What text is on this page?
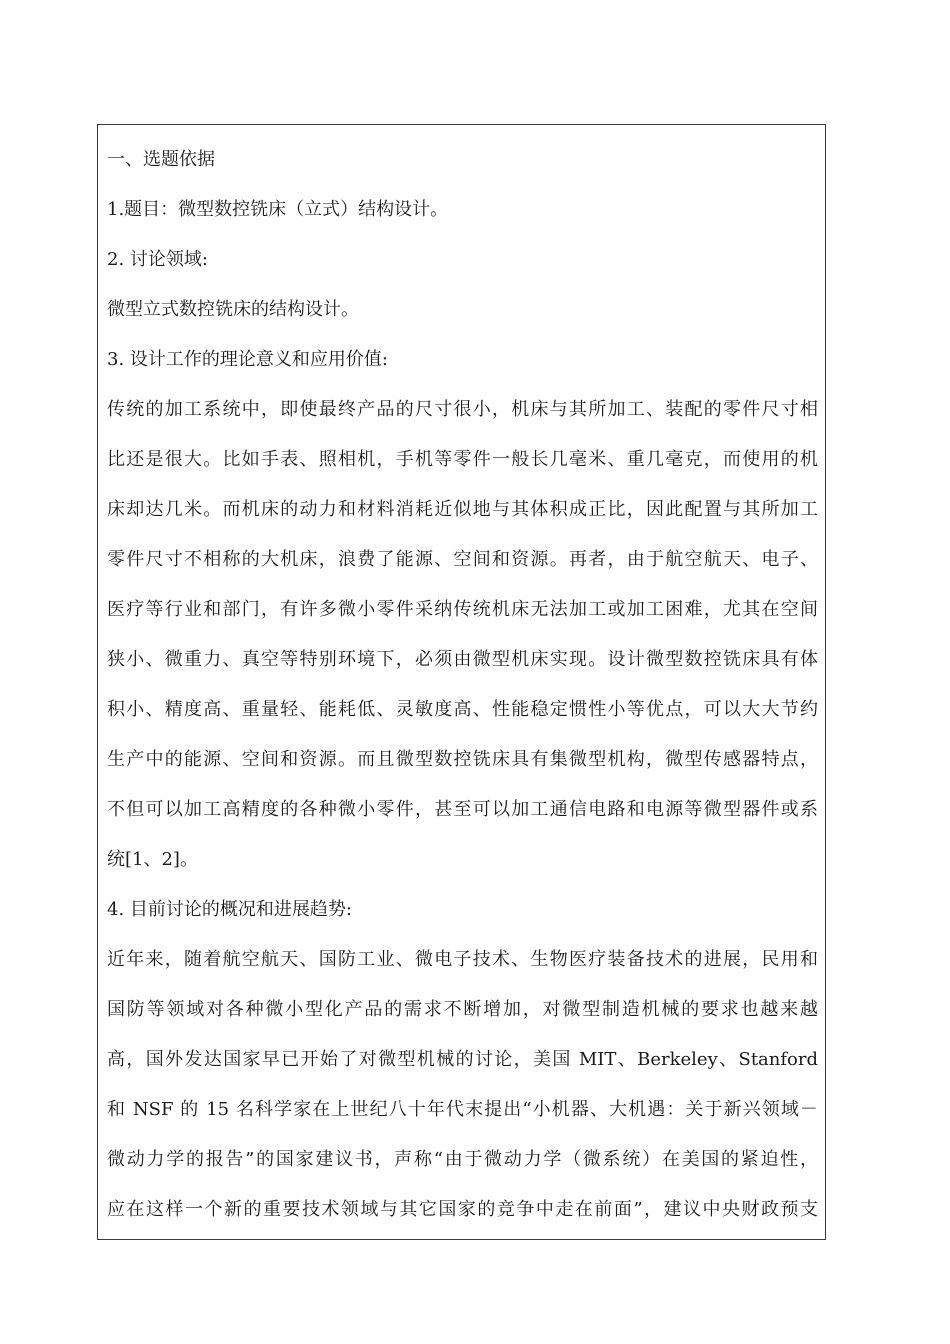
一、选题依据
1.题目：微型数控铣床（立式）结构设计。
2. 讨论领域:
微型立式数控铣床的结构设计。
3. 设计工作的理论意义和应用价值:
传统的加工系统中，即使最终产品的尺寸很小，机床与其所加工、装配的零件尺寸相
比还是很大。比如手表、照相机，手机等零件一般长几毫米、重几毫克，而使用的机
床却达几米。而机床的动力和材料消耗近似地与其体积成正比，因此配置与其所加工
零件尺寸不相称的大机床，浪费了能源、空间和资源。再者，由于航空航天、电子、
医疗等行业和部门，有许多微小零件采纳传统机床无法加工或加工困难，尤其在空间
狭小、微重力、真空等特别环境下，必须由微型机床实现。设计微型数控铣床具有体
积小、精度高、重量轻、能耗低、灵敏度高、性能稳定惯性小等优点，可以大大节约
生产中的能源、空间和资源。而且微型数控铣床具有集微型机构，微型传感器特点，
不但可以加工高精度的各种微小零件，甚至可以加工通信电路和电源等微型器件或系
统[1、2]。
4. 目前讨论的概况和进展趋势:
近年来，随着航空航天、国防工业、微电子技术、生物医疗装备技术的进展，民用和
国防等领域对各种微小型化产品的需求不断增加，对微型制造机械的要求也越来越
高，国外发达国家早已开始了对微型机械的讨论，美国 MIT、Berkeley、Stanford
和 NSF 的 15 名科学家在上世纪八十年代末提出“小机器、大机遇：关于新兴领域－
微动力学的报告”的国家建议书，声称“由于微动力学（微系统）在美国的紧迫性，
应在这样一个新的重要技术领域与其它国家的竞争中走在前面”，建议中央财政预支
